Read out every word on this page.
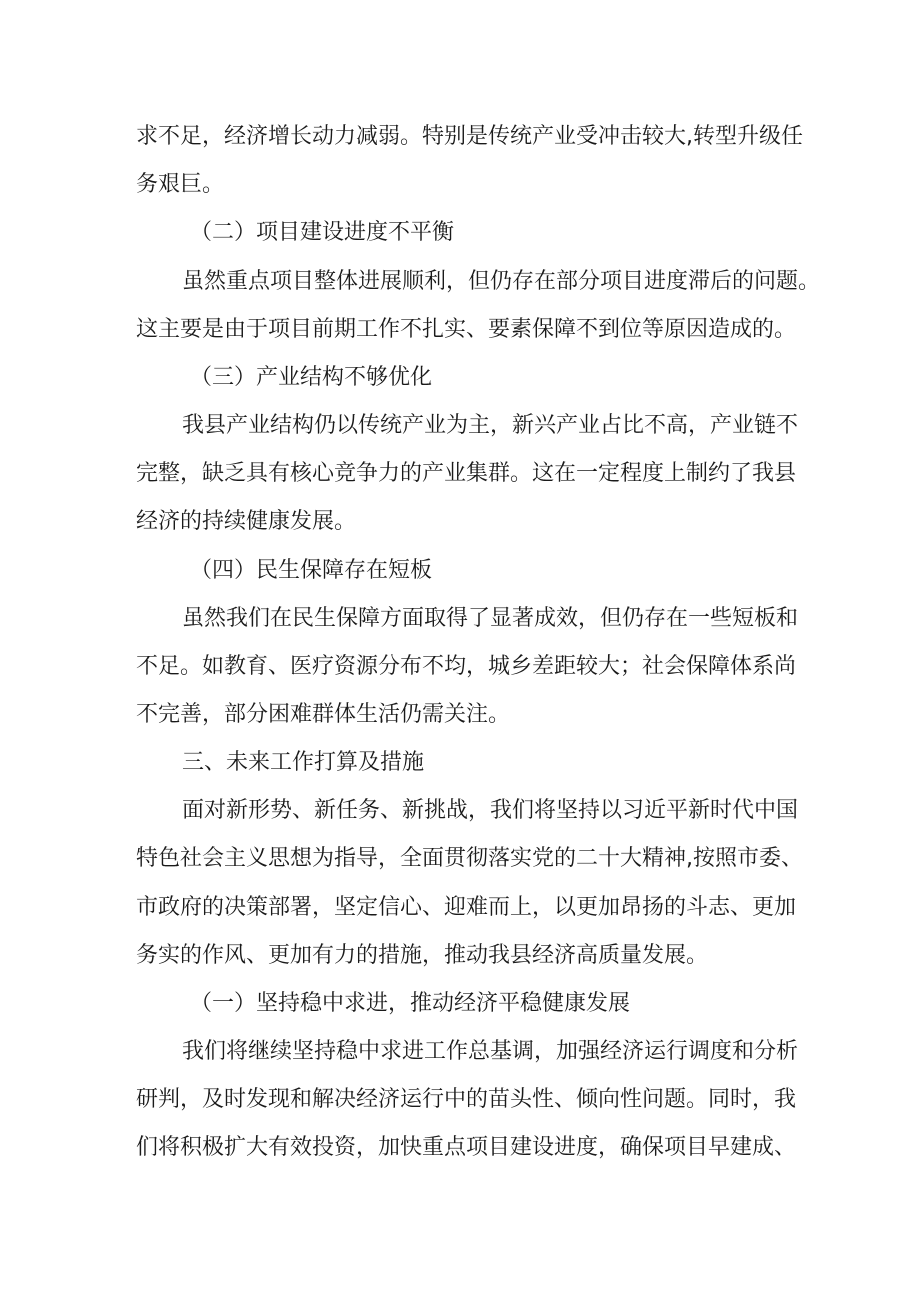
求不足，经济增长动力减弱。特别是传统产业受冲击较大,转型升级任
务艰巨。
（二）项目建设进度不平衡
虽然重点项目整体进展顺利，但仍存在部分项目进度滞后的问题。
这主要是由于项目前期工作不扎实、要素保障不到位等原因造成的。
（三）产业结构不够优化
我县产业结构仍以传统产业为主，新兴产业占比不高，产业链不
完整，缺乏具有核心竞争力的产业集群。这在一定程度上制约了我县
经济的持续健康发展。
（四）民生保障存在短板
虽然我们在民生保障方面取得了显著成效，但仍存在一些短板和
不足。如教育、医疗资源分布不均，城乡差距较大；社会保障体系尚
不完善，部分困难群体生活仍需关注。
三、未来工作打算及措施
面对新形势、新任务、新挑战，我们将坚持以习近平新时代中国
特色社会主义思想为指导，全面贯彻落实党的二十大精神,按照市委、
市政府的决策部署，坚定信心、迎难而上，以更加昂扬的斗志、更加
务实的作风、更加有力的措施，推动我县经济高质量发展。
（一）坚持稳中求进，推动经济平稳健康发展
我们将继续坚持稳中求进工作总基调，加强经济运行调度和分析
研判，及时发现和解决经济运行中的苗头性、倾向性问题。同时，我
们将积极扩大有效投资，加快重点项目建设进度，确保项目早建成、
